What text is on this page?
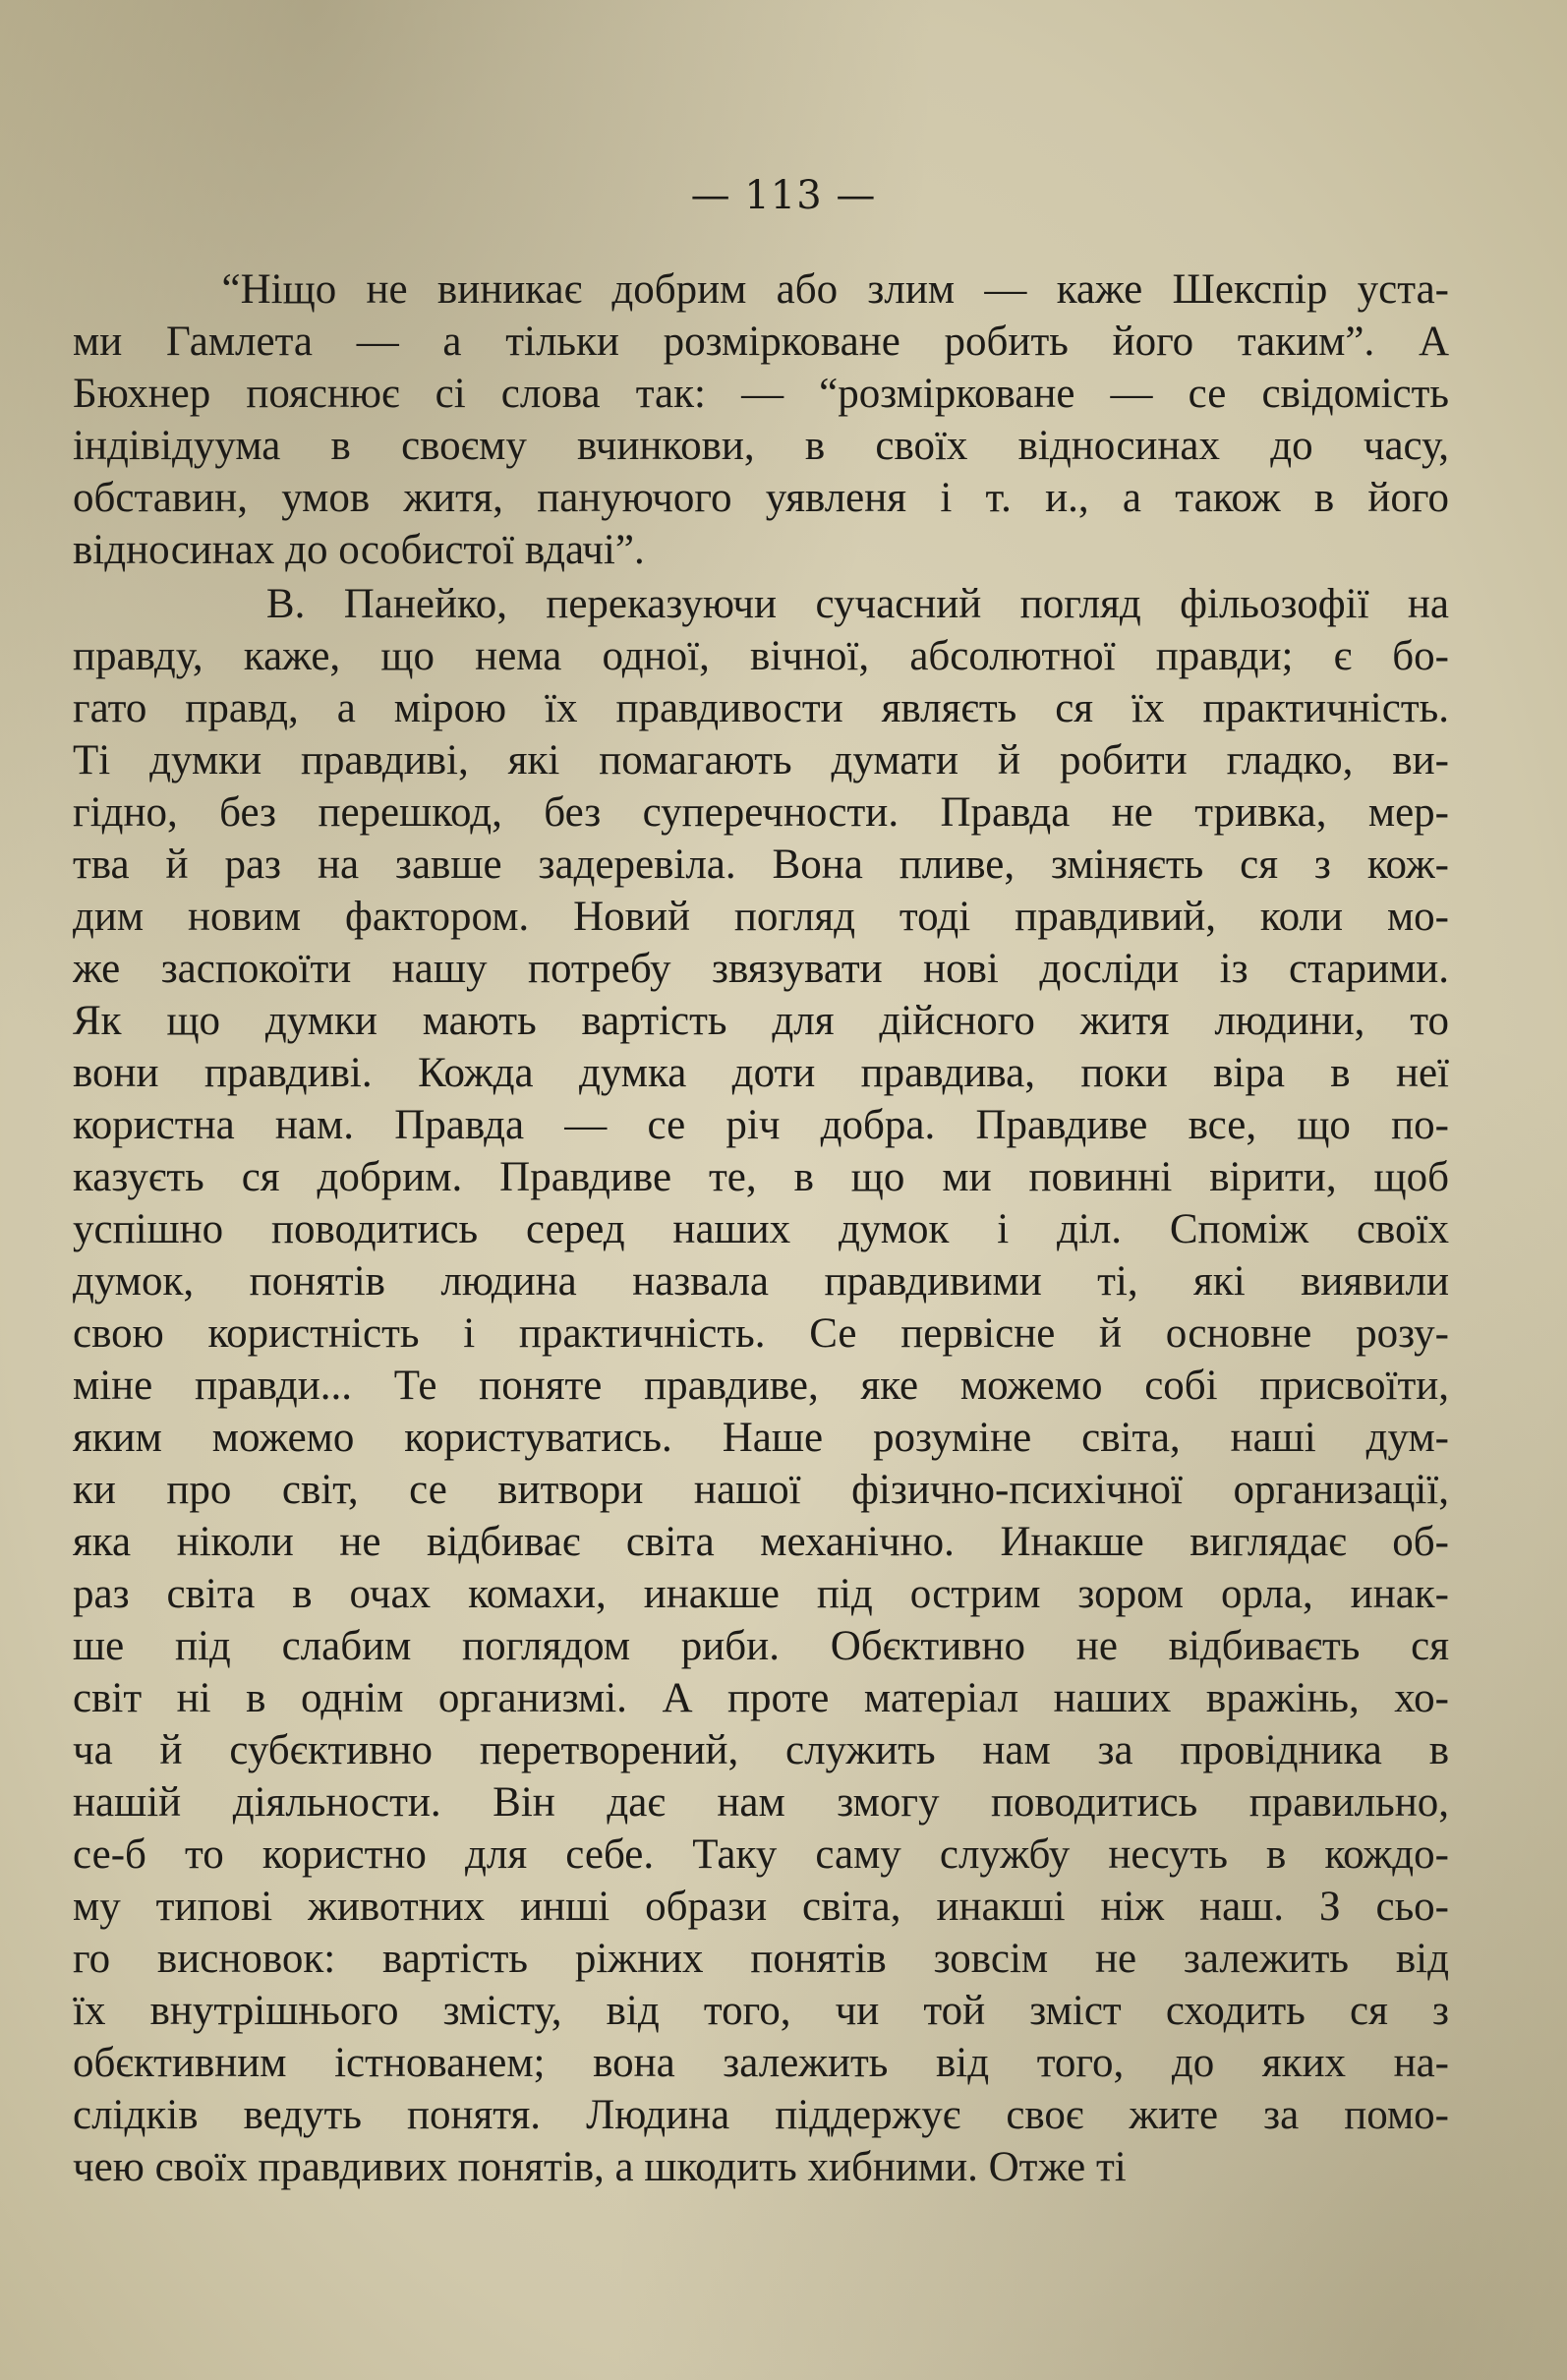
— 113 —
“Ніщо не виникає добрим або злим — каже Шекспір уста-
ми Гамлета — а тільки розмірковане робить його таким”. А
Бюхнер пояснює сі слова так: — “розмірковане — се свідомість
індівідуума в своєму вчинкови, в своїх відносинах до часу,
обставин, умов житя, пануючого уявленя і т. и., а також в його
відносинах до особистої вдачі”.
В. Панейко, переказуючи сучасний погляд фільозофії на
правду, каже, що нема одної, вічної, абсолютної правди; є бо-
гато правд, а мірою їх правдивости являєть ся їх практичність.
Ті думки правдиві, які помагають думати й робити гладко, ви-
гідно, без перешкод, без суперечности. Правда не тривка, мер-
тва й раз на завше задеревіла. Вона пливе, зміняєть ся з кож-
дим новим фактором. Новий погляд тоді правдивий, коли мо-
же заспокоїти нашу потребу звязувати нові досліди із старими.
Як що думки мають вартість для дійсного житя людини, то
вони правдиві. Кожда думка доти правдива, поки віра в неї
користна нам. Правда — се річ добра. Правдиве все, що по-
казуєть ся добрим. Правдиве те, в що ми повинні вірити, щоб
успішно поводитись серед наших думок і діл. Споміж своїх
думок, понятів людина назвала правдивими ті, які виявили
свою користність і практичність. Се первісне й основне розу-
міне правди... Те поняте правдиве, яке можемо собі присвоїти,
яким можемо користуватись. Наше розуміне світа, наші дум-
ки про світ, се витвори нашої фізично-психічної организації,
яка ніколи не відбиває світа механічно. Инакше виглядає об-
раз світа в очах комахи, инакше під острим зором орла, инак-
ше під слабим поглядом риби. Обєктивно не відбиваєть ся
світ ні в однім организмі. А проте матеріал наших вражінь, хо-
ча й субєктивно перетворений, служить нам за провідника в
нашій діяльности. Він дає нам змогу поводитись правильно,
се-б то користно для себе. Таку саму службу несуть в кождо-
му типові животних инші образи світа, инакші ніж наш. З сьо-
го висновок: вартість ріжних понятів зовсім не залежить від
їх внутрішнього змісту, від того, чи той зміст сходить ся з
обєктивним істнованем; вона залежить від того, до яких на-
слідків ведуть понятя. Людина піддержує своє жите за помо-
чею своїх правдивих понятів, а шкодить хибними. Отже ті
